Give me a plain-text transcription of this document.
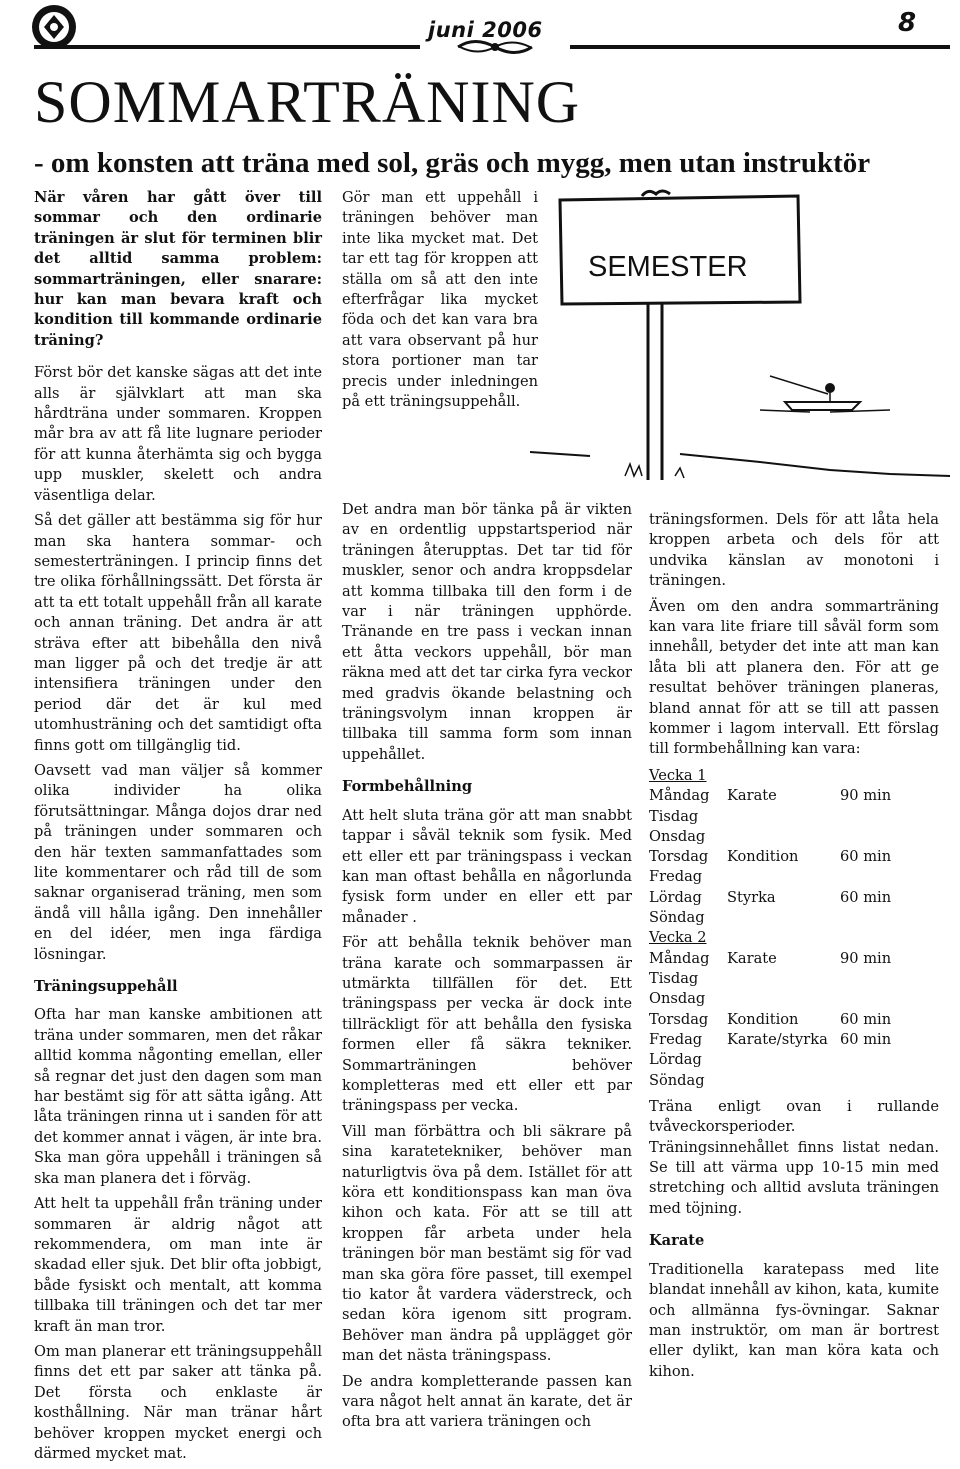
juni 2006	8
SOMMARTRÄNING
- om konsten att träna med sol, gräs och mygg, men utan instruktör

När våren har gått över till sommar och den ordinarie träningen är slut för terminen blir det alltid samma problem: sommarträningen, eller snarare: hur kan man bevara kraft och kondition till kommande ordinarie träning?

Först bör det kanske sägas att det inte alls är självklart att man ska hårdträna under sommaren. Kroppen mår bra av att få lite lugnare perioder för att kunna återhämta sig och bygga upp muskler, skelett och andra väsentliga delar.

Så det gäller att bestämma sig för hur man ska hantera sommar- och semesterträningen. I princip finns det tre olika förhållningssätt. Det första är att ta ett totalt uppehåll från all karate och annan träning. Det andra är att sträva efter att bibehålla den nivå man ligger på och det tredje är att intensifiera träningen under den period där det är kul med utomhusträning och det samtidigt ofta finns gott om tillgänglig tid.

Oavsett vad man väljer så kommer olika individer ha olika förutsättningar. Många dojos drar ned på träningen under sommaren och den här texten sammanfattades som lite kommentarer och råd till de som saknar organiserad träning, men som ändå vill hålla igång. Den innehåller en del idéer, men inga färdiga lösningar.

Träningsuppehåll

Ofta har man kanske ambitionen att träna under sommaren, men det råkar alltid komma någonting emellan, eller så regnar det just den dagen som man har bestämt sig för att sätta igång. Att låta träningen rinna ut i sanden för att det kommer annat i vägen, är inte bra. Ska man göra uppehåll i träningen så ska man planera det i förväg.

Att helt ta uppehåll från träning under sommaren är aldrig något att rekommendera, om man inte är skadad eller sjuk. Det blir ofta jobbigt, både fysiskt och mentalt, att komma tillbaka till träningen och det tar mer kraft än man tror.

Om man planerar ett träningsuppehåll finns det ett par saker att tänka på. Det första och enklaste är kosthållning. När man tränar hårt behöver kroppen mycket energi och därmed mycket mat.

Gör man ett uppehåll i träningen behöver man inte lika mycket mat. Det tar ett tag för kroppen att ställa om så att den inte efterfrågar lika mycket föda och det kan vara bra att vara observant på hur stora portioner man tar precis under inledningen på ett träningsuppehåll.

SEMESTER

Det andra man bör tänka på är vikten av en ordentlig uppstartsperiod när träningen återupptas. Det tar tid för muskler, senor och andra kroppsdelar att komma tillbaka till den form i de var i när träningen upphörde. Tränande en tre pass i veckan innan ett åtta veckors uppehåll, bör man räkna med att det tar cirka fyra veckor med gradvis ökande belastning och träningsvolym innan kroppen är tillbaka till samma form som innan uppehållet.

Formbehållning

Att helt sluta träna gör att man snabbt tappar i såväl teknik som fysik. Med ett eller ett par träningspass i veckan kan man oftast behålla en någorlunda fysisk form under en eller ett par månader .

För att behålla teknik behöver man träna karate och sommarpassen är utmärkta tillfällen för det. Ett träningspass per vecka är dock inte tillräckligt för att behålla den fysiska formen eller få säkra tekniker. Sommarträningen behöver kompletteras med ett eller ett par träningspass per vecka.

Vill man förbättra och bli säkrare på sina karatetekniker, behöver man naturligtvis öva på dem. Istället för att köra ett konditionspass kan man öva kihon och kata. För att se till att kroppen får arbeta under hela träningen bör man bestämt sig för vad man ska göra före passet, till exempel tio kator åt vardera väderstreck, och sedan köra igenom sitt program. Behöver man ändra på upplägget gör man det nästa träningspass.

De andra kompletterande passen kan vara något helt annat än karate, det är ofta bra att variera träningen och

träningsformen. Dels för att låta hela kroppen arbeta och dels för att undvika känslan av monotoni i träningen.

Även om den andra sommarträning kan vara lite friare till såväl form som innehåll, betyder det inte att man kan låta bli att planera den. För att ge resultat behöver träningen planeras, bland annat för att se till att passen kommer i lagom intervall. Ett förslag till formbehållning kan vara:

Vecka 1
Måndag	Karate	90 min
Tisdag
Onsdag
Torsdag	Kondition	60 min
Fredag
Lördag	Styrka	60 min
Söndag
Vecka 2
Måndag	Karate	90 min
Tisdag
Onsdag
Torsdag	Kondition	60 min
Fredag	Karate/styrka 60 min
Lördag
Söndag

Träna enligt ovan i rullande tvåveckorsperioder. Träningsinnehållet finns listat nedan. Se till att värma upp 10-15 min med stretching och alltid avsluta träningen med töjning.

Karate

Traditionella karatepass med lite blandat innehåll av kihon, kata, kumite och allmänna fys-övningar. Saknar man instruktör, om man är bortrest eller dylikt, kan man köra kata och kihon.
